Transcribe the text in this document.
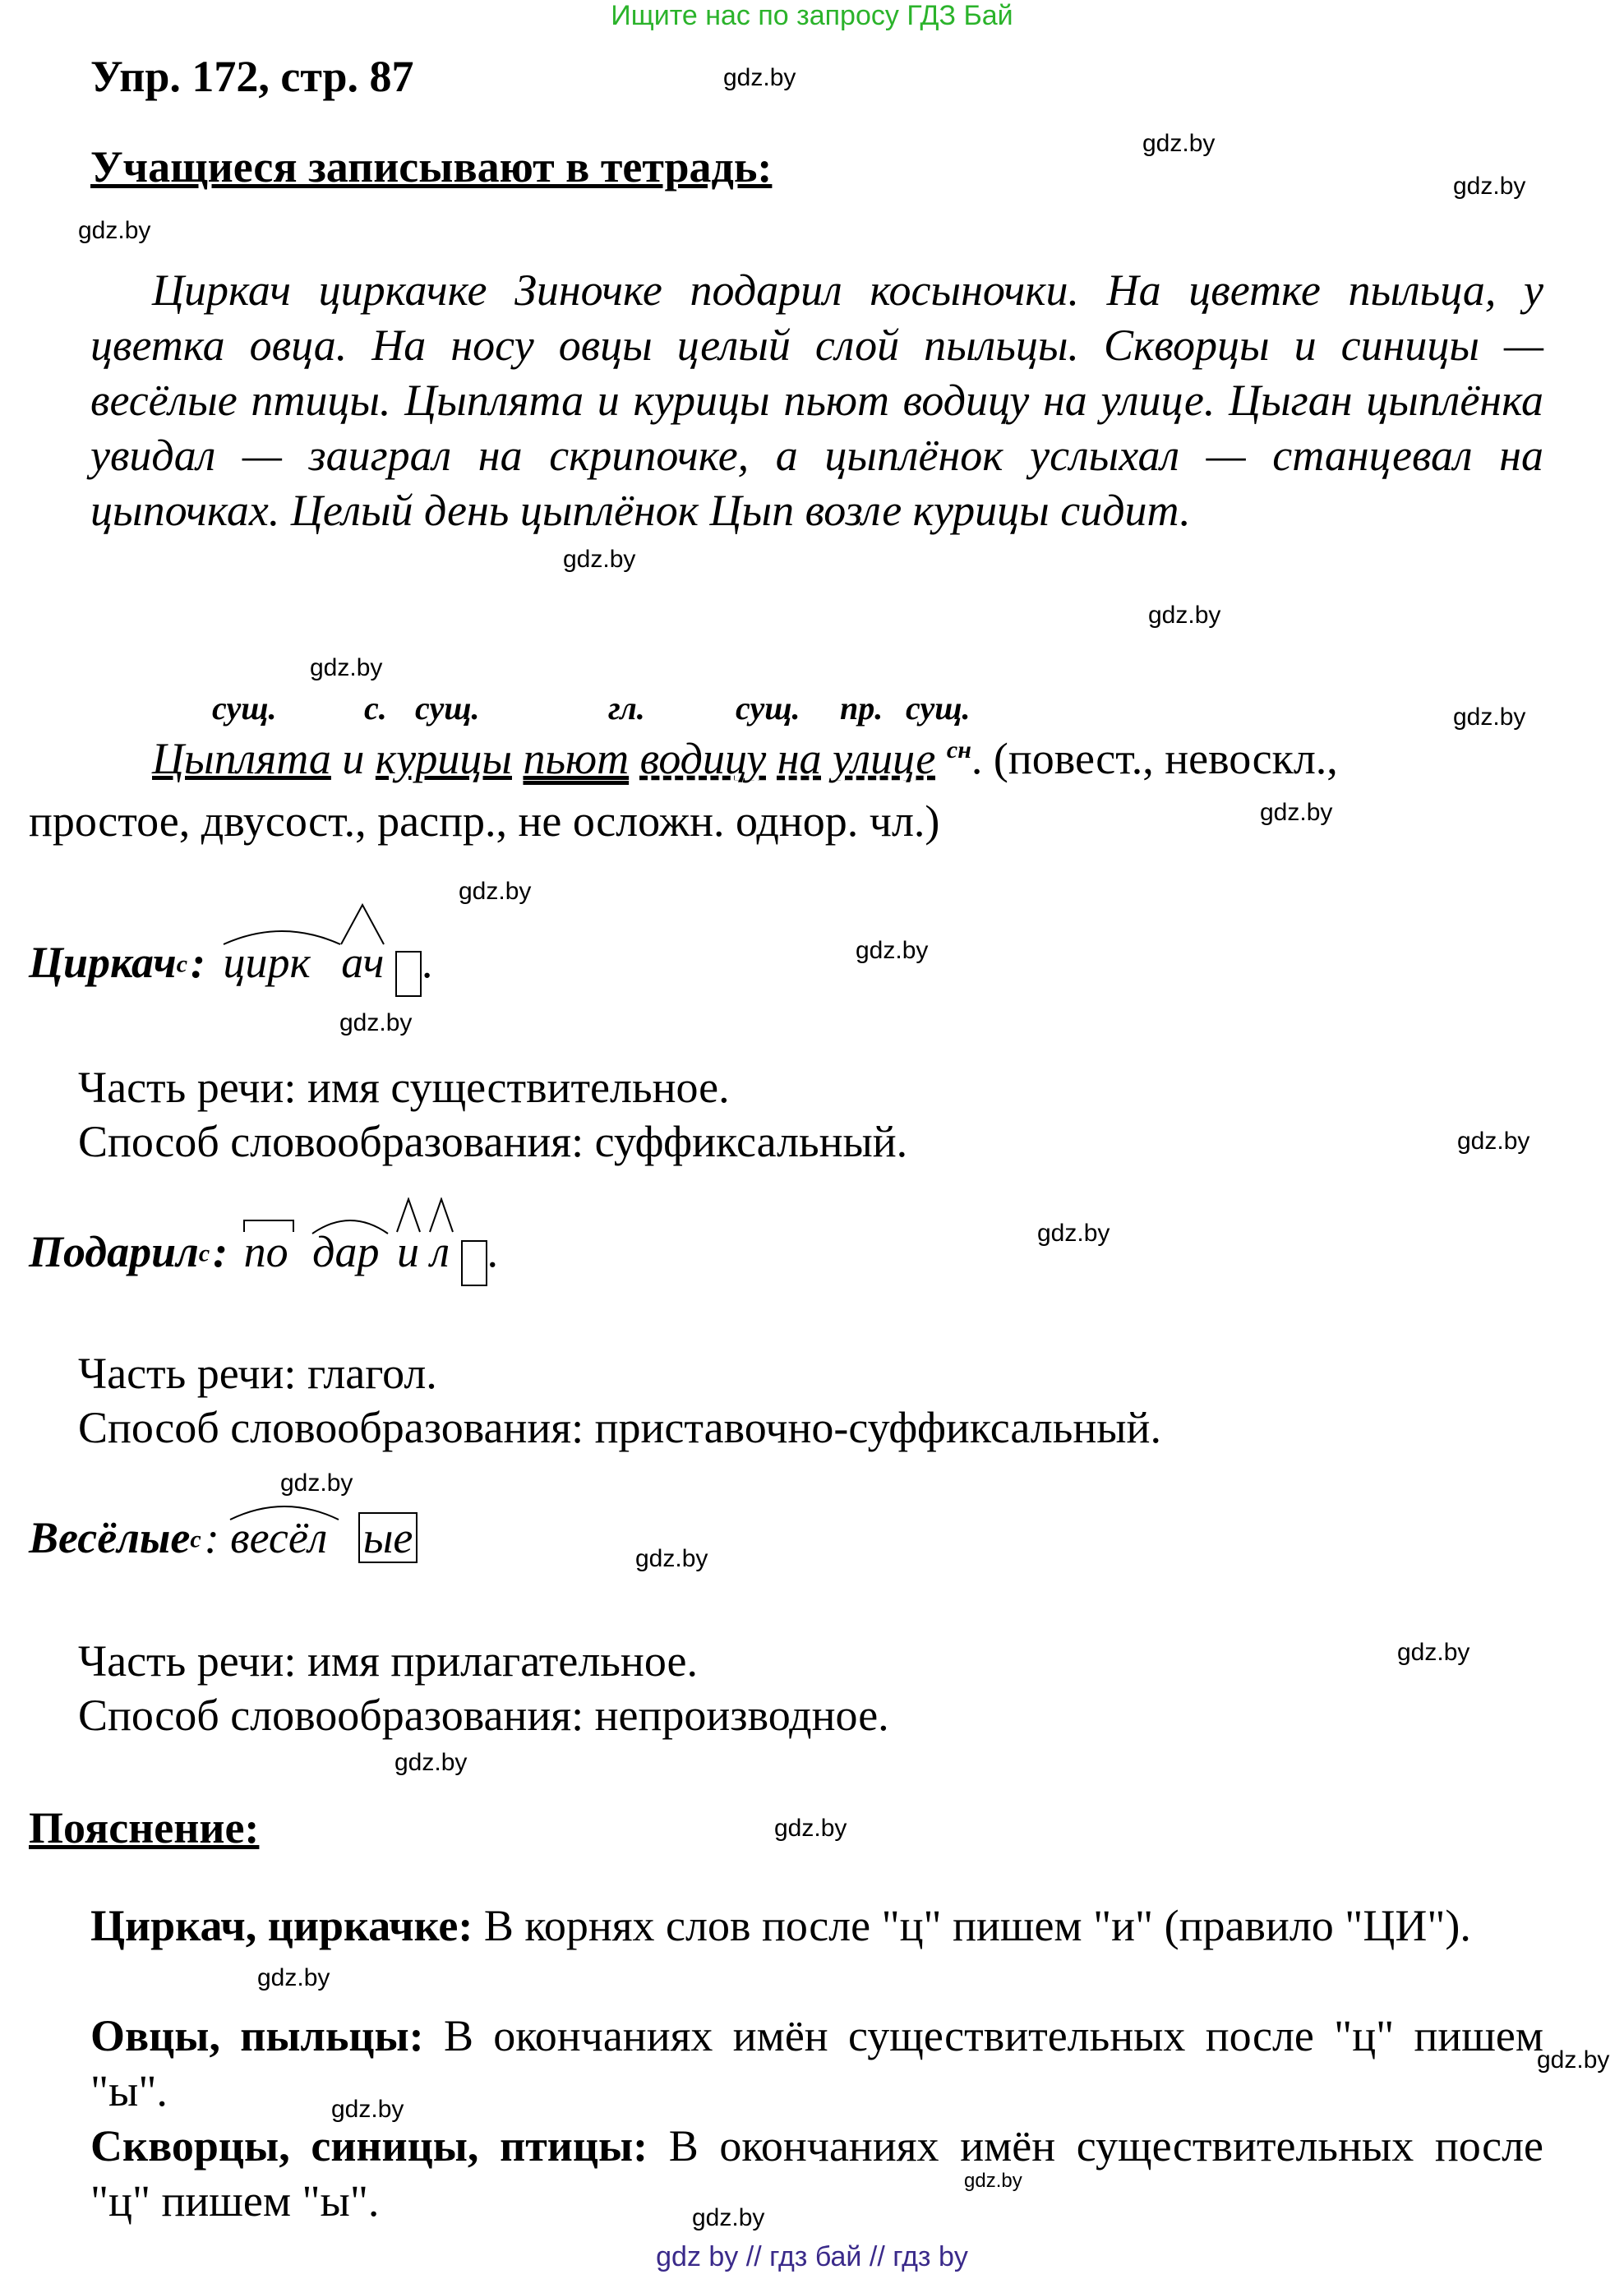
Ищите нас по запросу ГДЗ Бай
Упр. 172, стр. 87
Учащиеся записывают в тетрадь:
gdz.by
gdz.by
gdz.by
gdz.by
gdz.by
gdz.by
gdz.by
gdz.by
gdz.by
gdz.by
gdz.by
gdz.by
gdz.by
gdz.by
gdz.by
gdz.by
gdz.by
gdz.by
gdz.by
gdz.by
gdz.by
gdz.by
gdz.by
gdz.by
Циркач циркачке Зиночке подарил косыночки. На цветке пыльца, у цветка овца. На носу овцы целый слой пыльцы. Скворцы и синицы — весёлые птицы. Цыплята и курицы пьют водицу на улице. Цыган цыплёнка увидал — заиграл на скрипочке, а цыплёнок услыхал — станцевал на цыпочках. Целый день цыплёнок Цып возле курицы сидит.
сущ.	с. сущ.	гл.	сущ. пр. сущ.
Цыплята и курицы пьют водицу на улице $^{сн}$. (повест., невоскл.,
простое, двусост., распр., не осложн. однор. чл.)
Циркач$^с$ :
цирк ач .
Часть речи: имя существительное.
Способ словообразования: суффиксальный.
Подарил$^с$ :
по дар и л .
Часть речи: глагол.
Способ словообразования: приставочно-суффиксальный.
Весёлые$^с$ :
весёл ые
Часть речи: имя прилагательное.
Способ словообразования: непроизводное.
Пояснение:
Циркач, циркачке: В корнях слов после "ц" пишем "и" (правило "ЦИ").
Овцы, пыльцы: В окончаниях имён существительных после "ц" пишем "ы".
Скворцы, синицы, птицы: В окончаниях имён существительных после "ц" пишем "ы".
gdz by // гдз бай // гдз by
